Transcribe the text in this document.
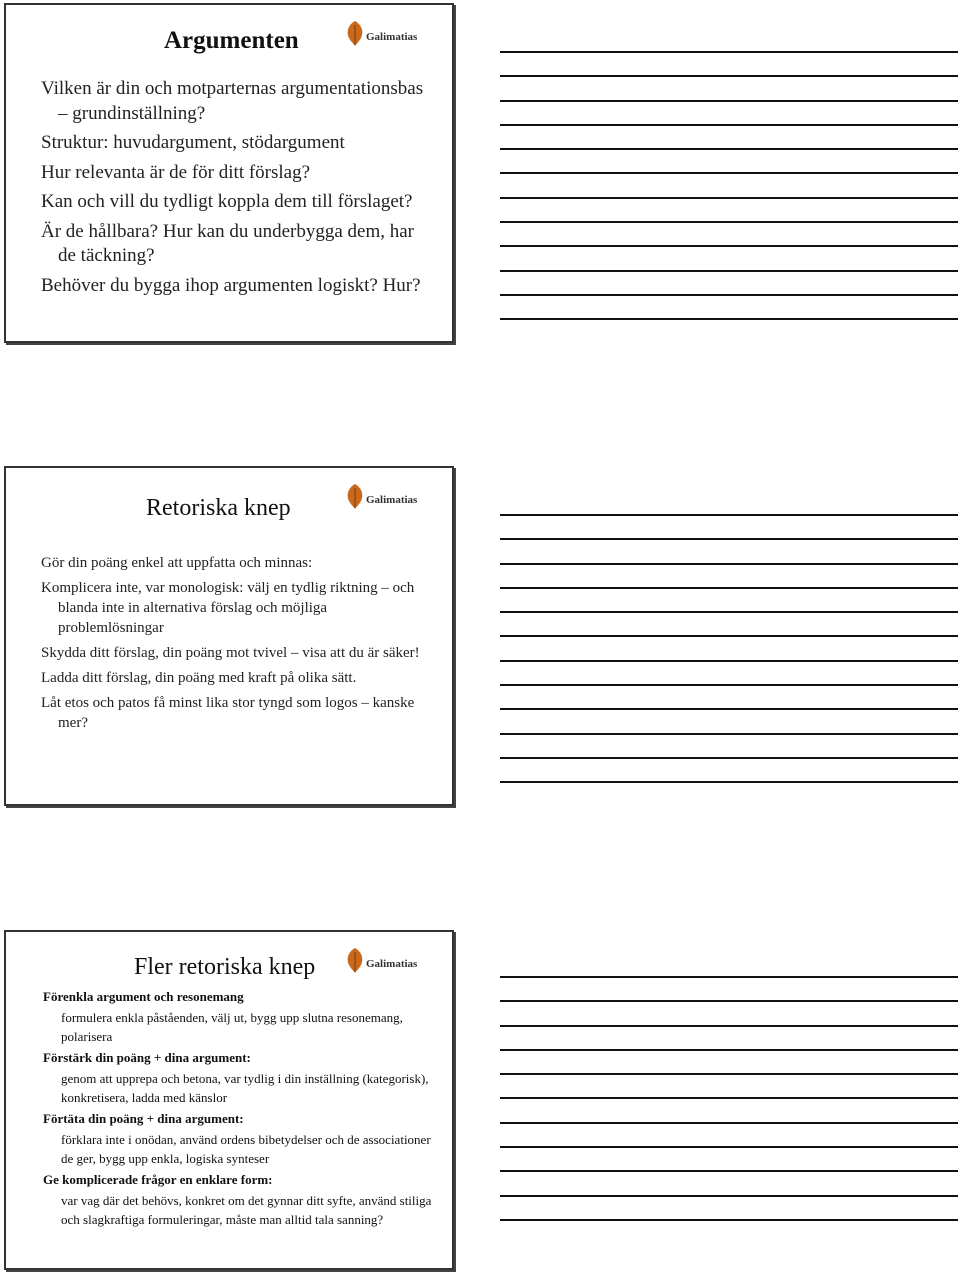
Argumenten	Galimatias
Vilken är din och motparternas argumentationsbas – grundinställning?
Struktur: huvudargument, stödargument
Hur relevanta är de för ditt förslag?
Kan och vill du tydligt koppla dem till förslaget?
Är de hållbara? Hur kan du underbygga dem, har de täckning?
Behöver du bygga ihop argumenten logiskt? Hur?
Retoriska knep	Galimatias
Gör din poäng enkel att uppfatta och minnas:
Komplicera inte, var monologisk: välj en tydlig riktning – och blanda inte in alternativa förslag och möjliga problemlösningar
Skydda ditt förslag, din poäng mot tvivel – visa att du är säker!
Ladda ditt förslag, din poäng med kraft på olika sätt.
Låt etos och patos få minst lika stor tyngd som logos – kanske mer?
Fler retoriska knep	Galimatias

Förenkla argument och resonemang

formulera enkla påståenden, välj ut, bygg upp slutna resonemang, polarisera

Förstärk din poäng + dina argument:

genom att upprepa och betona, var tydlig i din inställning (kategorisk), konkretisera, ladda med känslor

Förtäta din poäng + dina argument:

förklara inte i onödan, använd ordens bibetydelser och de associationer de ger, bygg upp enkla, logiska synteser

Ge komplicerade frågor en enklare form:

var vag där det behövs, konkret om det gynnar ditt syfte, använd stiliga och slagkraftiga formuleringar, måste man alltid tala sanning?
